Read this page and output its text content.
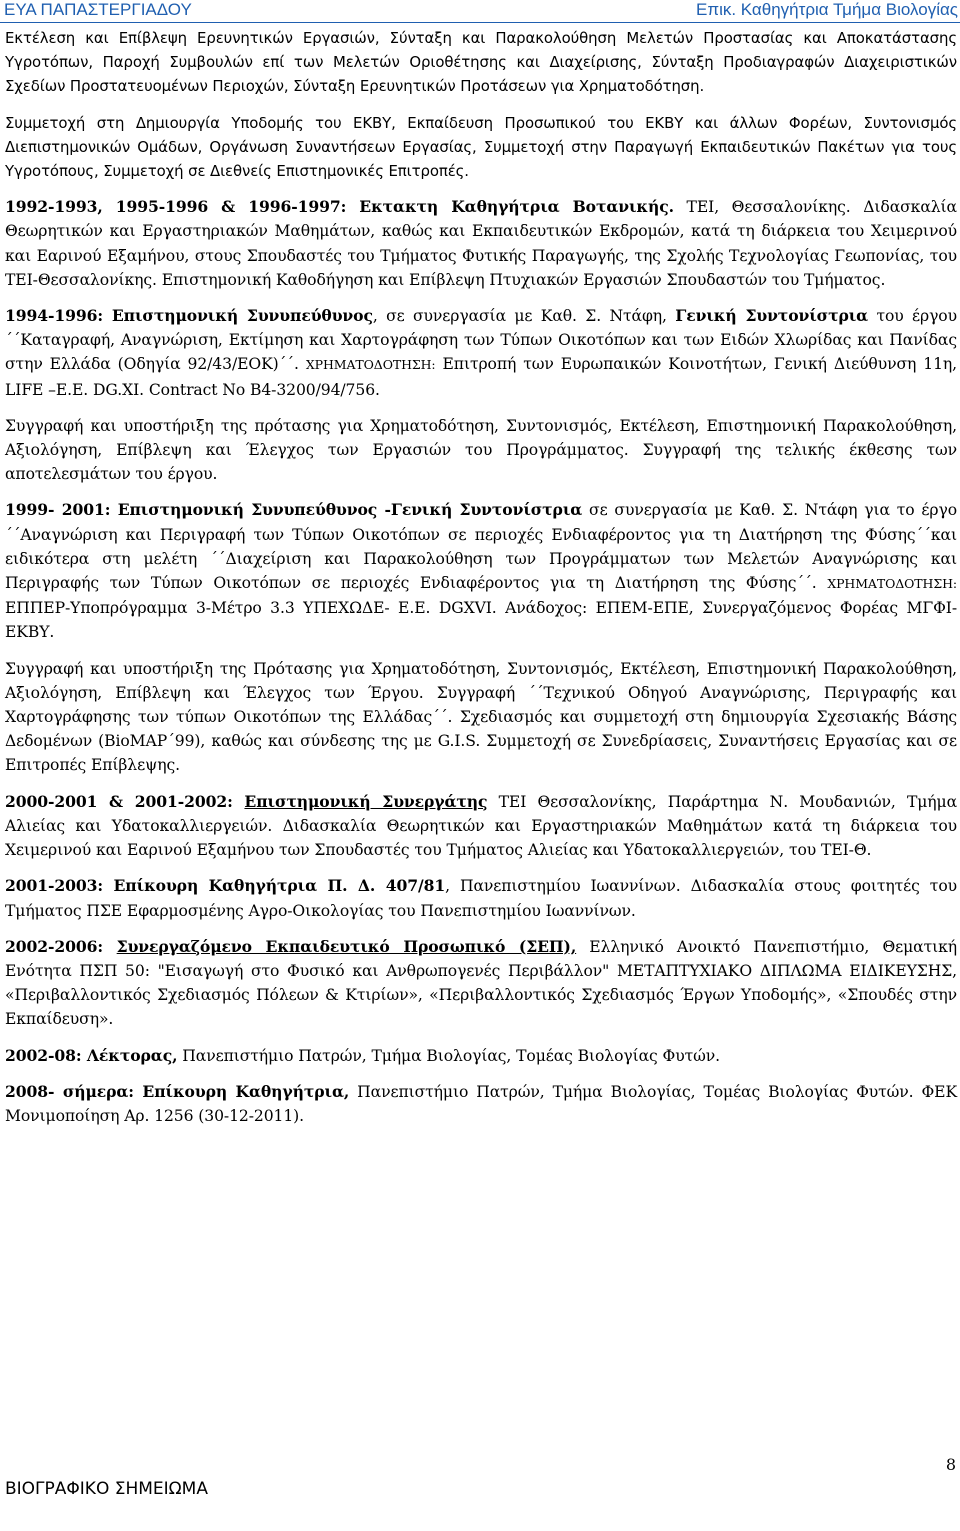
ΕΥΑ ΠΑΠΑΣΤΕΡΓΙΑΔΟΥ	Επικ. Καθηγήτρια Τμήμα Βιολογίας

Εκτέλεση και Επίβλεψη Ερευνητικών Εργασιών, Σύνταξη και Παρακολούθηση Μελετών Προστασίας και Αποκατάστασης Υγροτόπων, Παροχή Συμβουλών επί των Μελετών Οριοθέτησης και Διαχείρισης, Σύνταξη Προδιαγραφών Διαχειριστικών Σχεδίων Προστατευομένων Περιοχών, Σύνταξη Ερευνητικών Προτάσεων για Χρηματοδότηση.

Συμμετοχή στη Δημιουργία Υποδομής του ΕΚΒΥ, Εκπαίδευση Προσωπικού του ΕΚΒΥ και άλλων Φορέων, Συντονισμός Διεπιστημονικών Ομάδων, Οργάνωση Συναντήσεων Εργασίας, Συμμετοχή στην Παραγωγή Εκπαιδευτικών Πακέτων για τους Υγροτόπους, Συμμετοχή σε Διεθνείς Επιστημονικές Επιτροπές.

1992-1993, 1995-1996 & 1996-1997: Εκτακτη Καθηγήτρια Βοτανικής. ΤΕΙ, Θεσσαλονίκης. Διδασκαλία Θεωρητικών και Εργαστηριακών Μαθημάτων, καθώς και Εκπαιδευτικών Εκδρομών, κατά τη διάρκεια του Χειμερινού και Εαρινού Εξαμήνου, στους Σπουδαστές του Τμήματος Φυτικής Παραγωγής, της Σχολής Τεχνολογίας Γεωπονίας, του ΤΕΙ-Θεσσαλονίκης. Επιστημονική Καθοδήγηση και Επίβλεψη Πτυχιακών Εργασιών Σπουδαστών του Τμήματος.

1994-1996: Επιστημονική Συνυπεύθυνος, σε συνεργασία με Καθ. Σ. Ντάφη, Γενική Συντονίστρια του έργου ΄΄Καταγραφή, Αναγνώριση, Εκτίμηση και Χαρτογράφηση των Τύπων Οικοτόπων και των Ειδών Χλωρίδας και Πανίδας στην Ελλάδα (Οδηγία 92/43/ΕΟΚ)΄΄. ΧΡΗΜΑΤΟΔΟΤΗΣΗ: Επιτροπή των Ευρωπαικών Κοινοτήτων, Γενική Διεύθυνση 11η, LIFE –Ε.Ε. DG.XI. Contract No B4-3200/94/756.

Συγγραφή και υποστήριξη της πρότασης για Χρηματοδότηση, Συντονισμός, Εκτέλεση, Επιστημονική Παρακολούθηση, Αξιολόγηση, Επίβλεψη και Έλεγχος των Εργασιών του Προγράμματος. Συγγραφή της τελικής έκθεσης των αποτελεσμάτων του έργου.

1999- 2001: Επιστημονική Συνυπεύθυνος -Γενική Συντονίστρια σε συνεργασία με Καθ. Σ. Ντάφη για το έργο ΄΄Αναγνώριση και Περιγραφή των Τύπων Οικοτόπων σε περιοχές Ενδιαφέροντος για τη Διατήρηση της Φύσης΄΄και ειδικότερα στη μελέτη ΄΄Διαχείριση και Παρακολούθηση των Προγράμματων των Μελετών Αναγνώρισης και Περιγραφής των Τύπων Οικοτόπων σε περιοχές Ενδιαφέροντος για τη Διατήρηση της Φύσης΄΄. ΧΡΗΜΑΤΟΔΟΤΗΣΗ: ΕΠΠΕΡ-Υποπρόγραμμα 3-Μέτρο 3.3 ΥΠΕΧΩΔΕ- Ε.Ε. DGXVI. Ανάδοχος: ΕΠΕΜ-ΕΠΕ, Συνεργαζόμενος Φορέας ΜΓΦΙ- ΕΚΒΥ.

Συγγραφή και υποστήριξη της Πρότασης για Χρηματοδότηση, Συντονισμός, Εκτέλεση, Επιστημονική Παρακολούθηση, Αξιολόγηση, Επίβλεψη και Έλεγχος των Έργου. Συγγραφή ΄΄Τεχνικού Οδηγού Αναγνώρισης, Περιγραφής και Χαρτογράφησης των τύπων Οικοτόπων της Ελλάδας΄΄. Σχεδιασμός και συμμετοχή στη δημιουργία Σχεσιακής Βάσης Δεδομένων (BioMAP΄99), καθώς και σύνδεσης της με G.I.S. Συμμετοχή σε Συνεδρίασεις, Συναντήσεις Εργασίας και σε Επιτροπές Επίβλεψης.

2000-2001 & 2001-2002: Επιστημονική Συνεργάτης ΤΕΙ Θεσσαλονίκης, Παράρτημα Ν. Μουδανιών, Τμήμα Αλιείας και Υδατοκαλλιεργειών. Διδασκαλία Θεωρητικών και Εργαστηριακών Μαθημάτων κατά τη διάρκεια του Χειμερινού και Εαρινού Εξαμήνου των Σπουδαστές του Τμήματος Αλιείας και Υδατοκαλλιεργειών, του ΤΕΙ-Θ.

2001-2003: Επίκουρη Καθηγήτρια Π. Δ. 407/81, Πανεπιστημίου Ιωαννίνων. Διδασκαλία στους φοιτητές του Τμήματος ΠΣΕ Εφαρμοσμένης Αγρο-Οικολογίας του Πανεπιστημίου Ιωαννίνων.

2002-2006: Συνεργαζόμενο Εκπαιδευτικό Προσωπικό (ΣΕΠ), Ελληνικό Ανοικτό Πανεπιστήμιο, Θεματική Ενότητα ΠΣΠ 50: "Εισαγωγή στο Φυσικό και Ανθρωπογενές Περιβάλλον" ΜΕΤΑΠΤΥΧΙΑΚΟ ΔΙΠΛΩΜΑ ΕΙΔΙΚΕΥΣΗΣ, «Περιβαλλοντικός Σχεδιασμός Πόλεων & Κτιρίων», «Περιβαλλοντικός Σχεδιασμός Έργων Υποδομής», «Σπουδές στην Εκπαίδευση».

2002-08: Λέκτορας, Πανεπιστήμιο Πατρών, Τμήμα Βιολογίας, Τομέας Βιολογίας Φυτών.

2008- σήμερα: Επίκουρη Καθηγήτρια, Πανεπιστήμιο Πατρών, Τμήμα Βιολογίας, Τομέας Βιολογίας Φυτών. ΦΕΚ Μονιμοποίηση Αρ. 1256 (30-12-2011).

ΒΙΟΓΡΑΦΙΚΟ ΣΗΜΕΙΩΜΑ
8
